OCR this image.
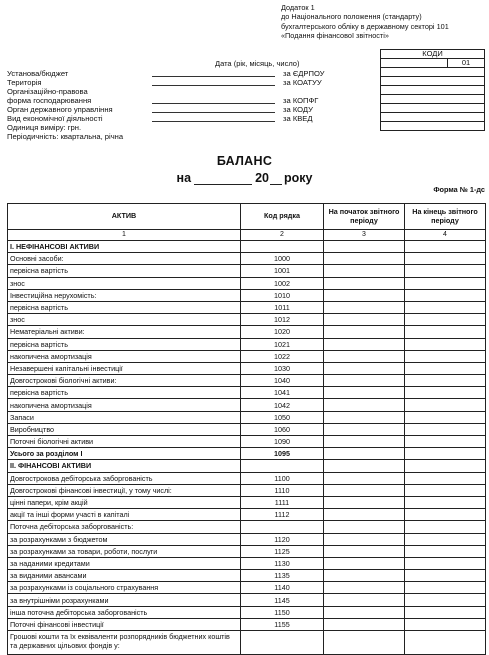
Додаток 1
до Національного положення (стандарту)
бухгалтерського обліку в державному секторі 101
«Подання фінансової звітності»
КОДИ
	01

Дата (рік, місяць, число)
Установа/бюджет	за ЄДРПОУ
Територія	за КОАТУУ
Організаційно-правова
форма господарювання	за КОПФГ
Орган державного управління	за КОДУ
Вид економічної діяльності	за КВЕД
Одиниця виміру: грн.
Періодичність: квартальна, річна
БАЛАНС
на	20 року
Форма № 1-дс
АКТИВ	Код рядка	На початок звітного періоду	На кінець звітного періоду
1	2	3	4
І. НЕФІНАНСОВІ АКТИВИ			
Основні засоби:	1000		
первісна вартість	1001		
знос	1002		
Інвестиційна нерухомість:	1010		
первісна вартість	1011		
знос	1012		
Нематеріальні активи:	1020		
первісна вартість	1021		
накопичена амортизація	1022		
Незавершені капітальні інвестиції	1030		
Довгострокові біологічні активи:	1040		
первісна вартість	1041		
накопичена амортизація	1042		
Запаси	1050		
Виробництво	1060		
Поточні біологічні активи	1090		
Усього за розділом І	1095		
ІІ. ФІНАНСОВІ АКТИВИ			
Довгострокова дебіторська заборгованість	1100		
Довгострокові фінансові інвестиції, у тому числі:	1110		
цінні папери, крім акцій	1111		
акції та інші форми участі в капіталі	1112		
Поточна дебіторська заборгованість:			
за розрахунками з бюджетом	1120		
за розрахунками за товари, роботи, послуги	1125		
за наданими кредитами	1130		
за виданими авансами	1135		
за розрахунками із соціального страхування	1140		
за внутрішніми розрахунками	1145		
інша поточна дебіторська заборгованість	1150		
Поточні фінансові інвестиції	1155		
Грошові кошти та їх еквіваленти розпорядників бюджетних коштів та державних цільових фондів у:			
